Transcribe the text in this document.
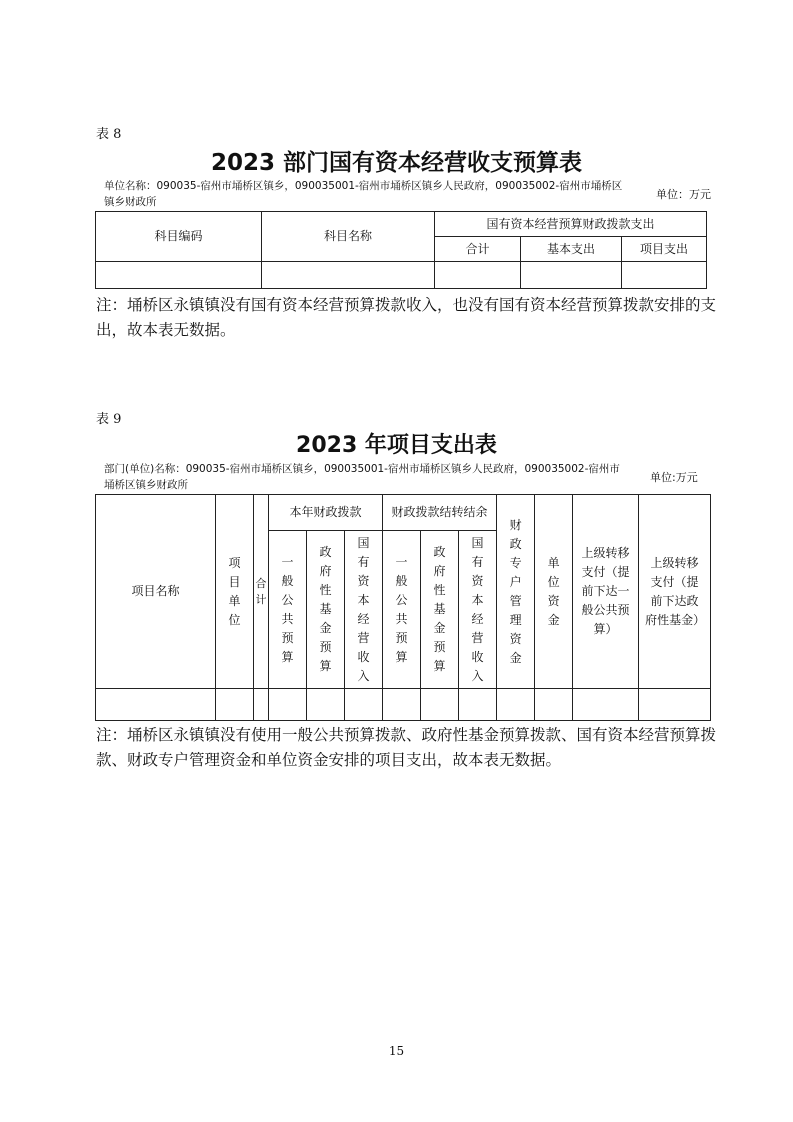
表 8
2023 部门国有资本经营收支预算表
单位名称：090035-宿州市埇桥区镇乡，090035001-宿州市埇桥区镇乡人民政府，090035002-宿州市埇桥区镇乡财政所
单位：万元
科目编码	科目名称	国有资本经营预算财政拨款支出		
		合计	基本支出	项目支出

注：埇桥区永镇镇没有国有资本经营预算拨款收入，也没有国有资本经营预算拨款安排的支出，故本表无数据。
表 9
2023 年项目支出表
部门(单位)名称：090035-宿州市埇桥区镇乡，090035001-宿州市埇桥区镇乡人民政府，090035002-宿州市埇桥区镇乡财政所
单位:万元
项目名称	项目单位	合计	本年财政拨款			财政拨款结转结余			财政专户管理资金	单位资金	上级转移支付（提前下达一般公共预算）	上级转移支付（提前下达政府性基金）
			一般公共预算	政府性基金预算	国有资本经营收入	一般公共预算	政府性基金预算	国有资本经营收入				

注：埇桥区永镇镇没有使用一般公共预算拨款、政府性基金预算拨款、国有资本经营预算拨款、财政专户管理资金和单位资金安排的项目支出，故本表无数据。
15
